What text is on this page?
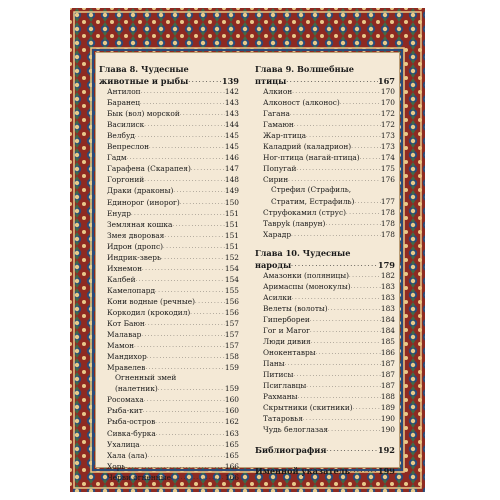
Глава 8. Чудесные
животные и рыбы . . .	139
Антилоп . . .	142
Баранец . . .	143
Бык (вол) морской . . .	143
Василиск . . .	144
Велбуд . . .	145
Вепреслон . . .	145
Гадм . . .	146
Гарафена (Скарапея) . . .	147
Горгоний . . .	148
Драки (драконы) . . .	149
Единорог (инорог) . . .	150
Енудр . . .	151
Земляная кошка . . .	151
Змея дворовая . . .	151
Идрон (дропс) . . .	151
Индрик-зверь . . .	152
Ихнемон . . .	154
Калбей . . .	154
Камелопард . . .	155
Кони водные (речные) . . .	156
Коркодил (крокодил) . . .	156
Кот Баюн . . .	157
Малавар . . .	157
Мамон . . .	157
Мандихор . . .	158
Мравелев . . .	159
Огненный змей
(налетник) . . .	159
Росомаха . . .	160
Рыба-кит . . .	160
Рыба-остров . . .	162
Сивка-бурка . . .	163
Ухалица . . .	165
Хала (ала) . . .	165
Хорь . . .	166
Черви огненные . . .	166
Глава 9. Волшебные
птицы . . .	167
Алкион . . .	170
Алконост (алконос) . . .	170
Гагана . . .	172
Гамаюн . . .	172
Жар-птица . . .	173
Каладрий (каладрион) . . .	173
Ног-птица (нагай-птица) . . .	174
Попугай . . .	175
Сирин . . .	176
Стрефил (Страфиль,
Стратим, Естрафиль) . . .	177
Струфокамил (струс) . . .	178
Тавруk (лаврун) . . .	178
Харадр . . .	178
Глава 10. Чудесные
народы . . .	179
Амазонки (поляницы) . . .	182
Аримаспы (монокулы) . . .	183
Асилки . . .	183
Велеты (волоты) . . .	183
Гипербореи . . .	184
Гог и Магог . . .	184
Люди дивия . . .	185
Онокентавры . . .	186
Паны . . .	187
Питисы . . .	187
Псиглавцы . . .	187
Рахманы . . .	188
Скрытники (скитники) . . .	189
Татаровья . . .	190
Чудь белоглазая . . .	190
Библиография . . .	192
Именной указатель . . .	199
